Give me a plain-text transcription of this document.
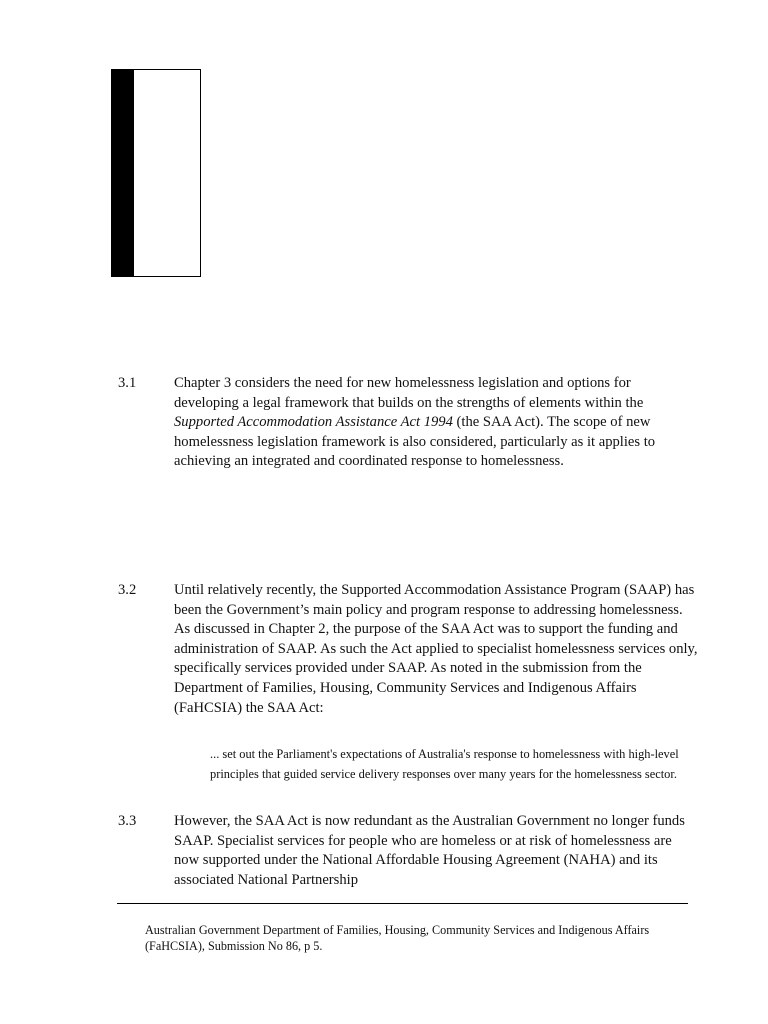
3.1	Chapter 3 considers the need for new homelessness legislation and options for developing a legal framework that builds on the strengths of elements within the Supported Accommodation Assistance Act 1994 (the SAA Act). The scope of new homelessness legislation framework is also considered, particularly as it applies to achieving an integrated and coordinated response to homelessness.
3.2	Until relatively recently, the Supported Accommodation Assistance Program (SAAP) has been the Government’s main policy and program response to addressing homelessness. As discussed in Chapter 2, the purpose of the SAA Act was to support the funding and administration of SAAP. As such the Act applied to specialist homelessness services only, specifically services provided under SAAP. As noted in the submission from the Department of Families, Housing, Community Services and Indigenous Affairs (FaHCSIA) the SAA Act:
... set out the Parliament's expectations of Australia's response to homelessness with high-level principles that guided service delivery responses over many years for the homelessness sector.
3.3	However, the SAA Act is now redundant as the Australian Government no longer funds SAAP. Specialist services for people who are homeless or at risk of homelessness are now supported under the National Affordable Housing Agreement (NAHA) and its associated National Partnership
Australian Government Department of Families, Housing, Community Services and Indigenous Affairs (FaHCSIA), Submission No 86, p 5.
